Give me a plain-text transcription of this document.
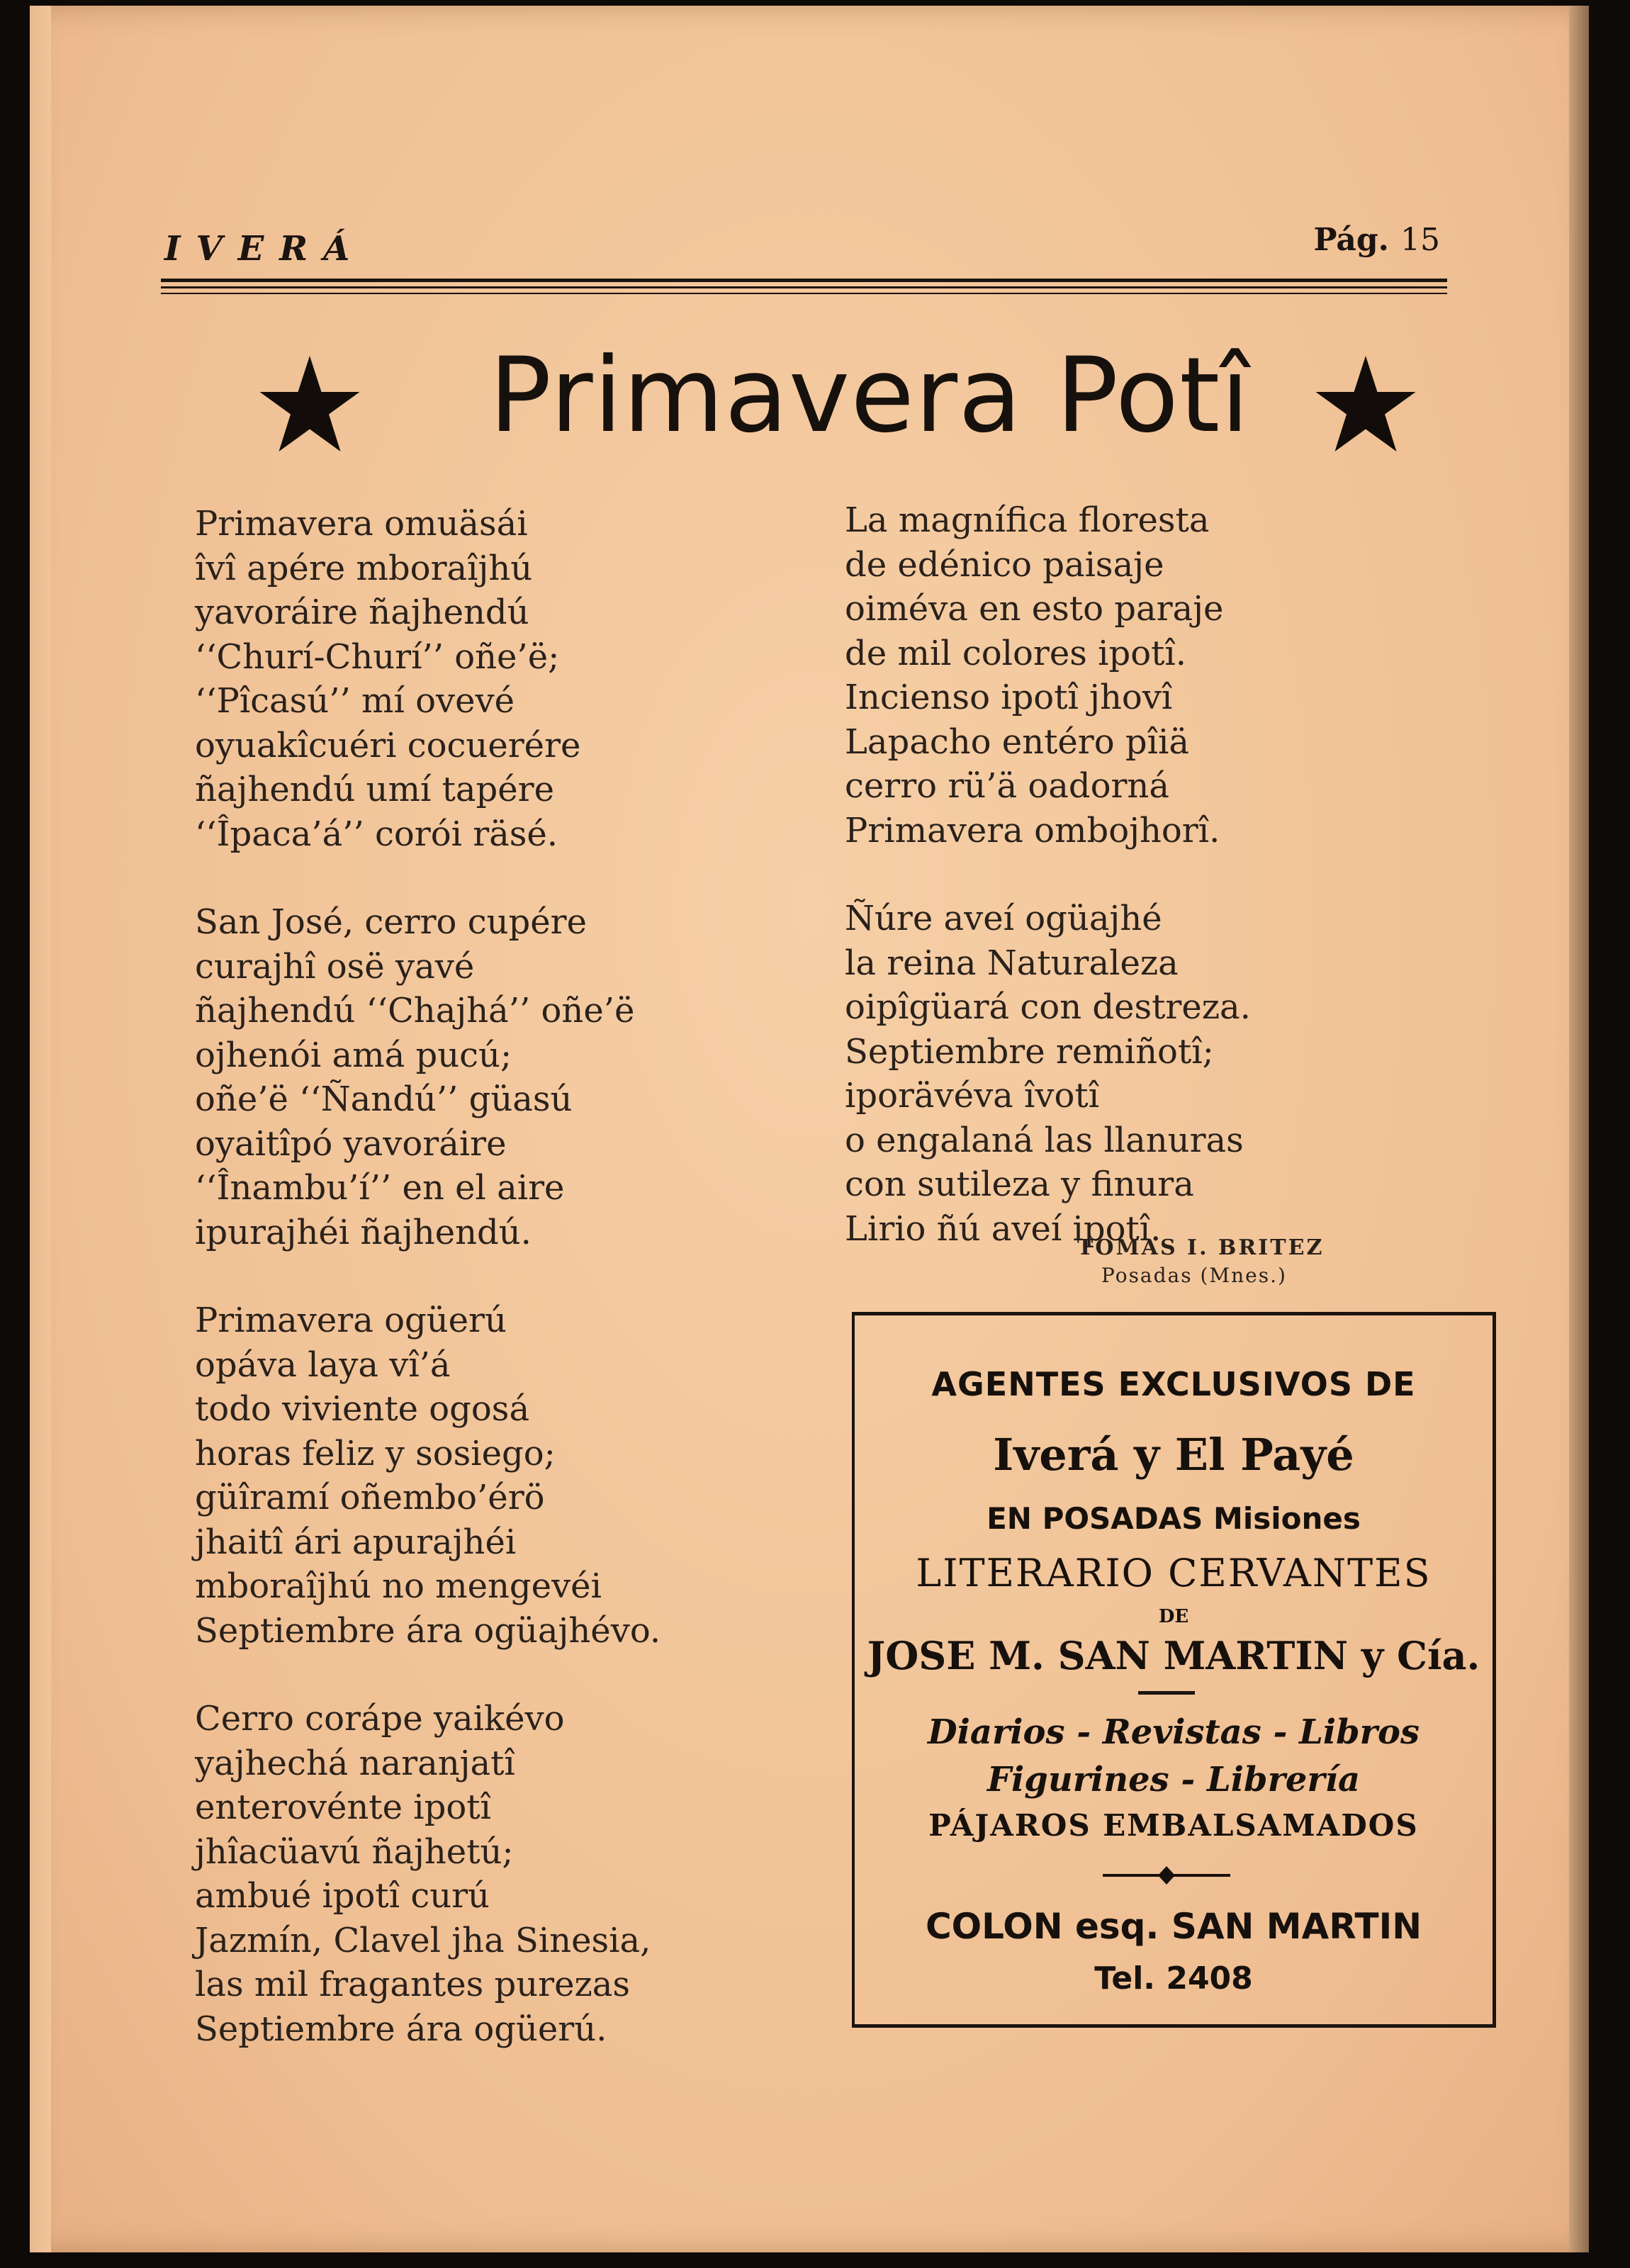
IVERÁ	Pág. 15
Primavera Potî
Primavera omuäsái
îvî apére mboraîjhú
yavoráire ñajhendú
‘‘Churí-Churí’’ oñe’ë;
‘‘Pîcasú’’ mí ovevé
oyuakîcuéri cocuerére
ñajhendú umí tapére
‘‘Îpaca’á’’ corói räsé.
San José, cerro cupére
curajhî osë yavé
ñajhendú ‘‘Chajhá’’ oñe’ë
ojhenói amá pucú;
oñe’ë ‘‘Ñandú’’ güasú
oyaitîpó yavoráire
‘‘Înambu’í’’ en el aire
ipurajhéi ñajhendú.
Primavera ogüerú
opáva laya vî’á
todo viviente ogosá
horas feliz y sosiego;
güîramí oñembo’érö
jhaitî ári apurajhéi
mboraîjhú no mengevéi
Septiembre ára ogüajhévo.
Cerro corápe yaikévo
yajhechá naranjatî
enterovénte ipotî
jhîacüavú ñajhetú;
ambué ipotî curú
Jazmín, Clavel jha Sinesia,
las mil fragantes purezas
Septiembre ára ogüerú.
La magnífica floresta
de edénico paisaje
oiméva en esto paraje
de mil colores ipotî.
Incienso ipotî jhovî
Lapacho entéro pîiä
cerro rü’ä oadorná
Primavera ombojhorî.
Ñúre aveí ogüajhé
la reina Naturaleza
oipîgüará con destreza.
Septiembre remiñotî;
iporävéva îvotî
o engalaná las llanuras
con sutileza y finura
Lirio ñú aveí ipotî.
TOMAS I. BRITEZ
Posadas (Mnes.)
AGENTES EXCLUSIVOS DE
Iverá y El Payé
EN POSADAS Misiones
LITERARIO CERVANTES
DE
JOSE M. SAN MARTIN y Cía.
Diarios - Revistas - Libros
Figurines - Librería
PÁJAROS EMBALSAMADOS
COLON esq. SAN MARTIN
Tel. 2408
